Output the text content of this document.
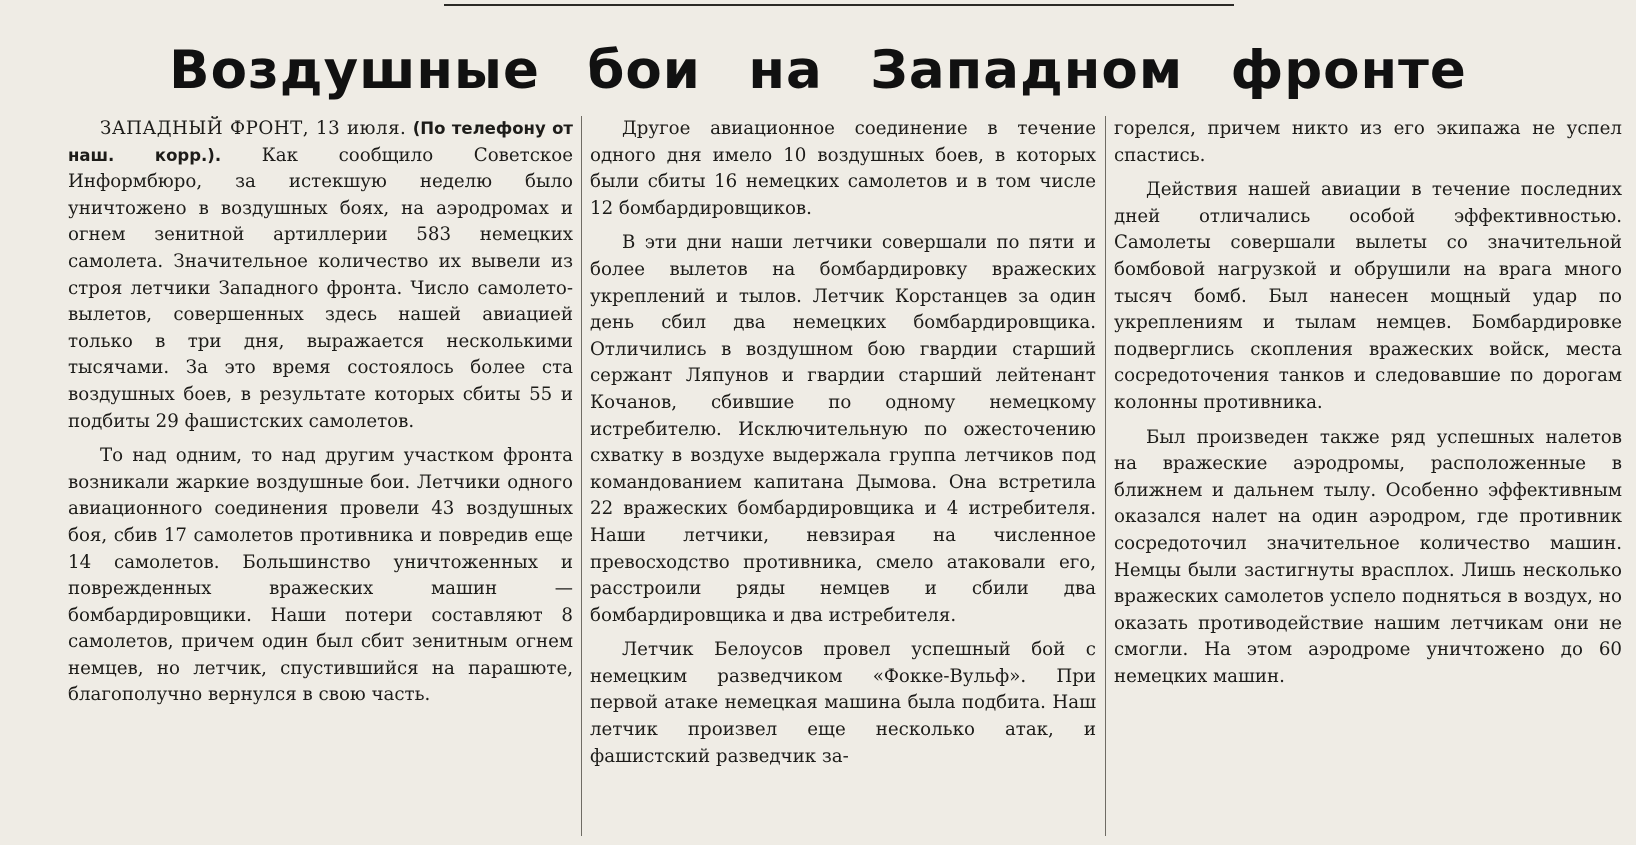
Воздушные бои на Западном фронте

ЗАПАДНЫЙ ФРОНТ, 13 июля. (По телефону от наш. корр.). Как сообщило Советское Информбюро, за истекшую неделю было уничтожено в воздушных боях, на аэродромах и огнем зенитной артиллерии 583 немецких самолета. Значительное количество их вывели из строя летчики Западного фронта. Число самолето-вылетов, совершенных здесь нашей авиацией только в три дня, выражается несколькими тысячами. За это время состоялось более ста воздушных боев, в результате которых сбиты 55 и подбиты 29 фашистских самолетов.

То над одним, то над другим участком фронта возникали жаркие воздушные бои. Летчики одного авиационного соединения провели 43 воздушных боя, сбив 17 самолетов противника и повредив еще 14 самолетов. Большинство уничтоженных и поврежденных вражеских машин — бомбардировщики. Наши потери составляют 8 самолетов, причем один был сбит зенитным огнем немцев, но летчик, спустившийся на парашюте, благополучно вернулся в свою часть.

Другое авиационное соединение в течение одного дня имело 10 воздушных боев, в которых были сбиты 16 немецких самолетов и в том числе 12 бомбардировщиков.

В эти дни наши летчики совершали по пяти и более вылетов на бомбардировку вражеских укреплений и тылов. Летчик Корстанцев за один день сбил два немецких бомбардировщика. Отличились в воздушном бою гвардии старший сержант Ляпунов и гвардии старший лейтенант Кочанов, сбившие по одному немецкому истребителю. Исключительную по ожесточению схватку в воздухе выдержала группа летчиков под командованием капитана Дымова. Она встретила 22 вражеских бомбардировщика и 4 истребителя. Наши летчики, невзирая на численное превосходство противника, смело атаковали его, расстроили ряды немцев и сбили два бомбардировщика и два истребителя.

Летчик Белоусов провел успешный бой с немецким разведчиком «Фокке-Вульф». При первой атаке немецкая машина была подбита. Наш летчик произвел еще несколько атак, и фашистский разведчик за-

горелся, причем никто из его экипажа не успел спастись.

Действия нашей авиации в течение последних дней отличались особой эффективностью. Самолеты совершали вылеты со значительной бомбовой нагрузкой и обрушили на врага много тысяч бомб. Был нанесен мощный удар по укреплениям и тылам немцев. Бомбардировке подверглись скопления вражеских войск, места сосредоточения танков и следовавшие по дорогам колонны противника.

Был произведен также ряд успешных налетов на вражеские аэродромы, расположенные в ближнем и дальнем тылу. Особенно эффективным оказался налет на один аэродром, где противник сосредоточил значительное количество машин. Немцы были застигнуты врасплох. Лишь несколько вражеских самолетов успело подняться в воздух, но оказать противодействие нашим летчикам они не смогли. На этом аэродроме уничтожено до 60 немецких машин.
